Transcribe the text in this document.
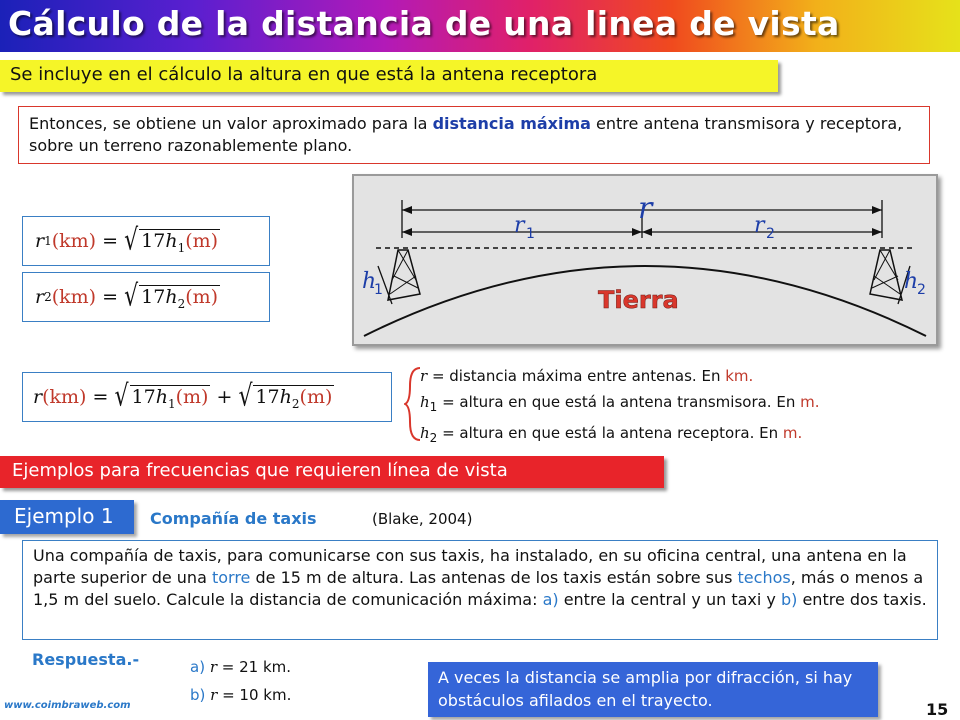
Cálculo de la distancia de una linea de vista
Se incluye en el cálculo la altura en que está la antena receptora
Entonces, se obtiene un valor aproximado para la distancia máxima entre antena transmisora y receptora, sobre un terreno razonablemente plano.
r 1 (km)
=
√ $17h_1(m)$
r 2 (km)
=
√ $17h_2(m)$
r (km)
=
√ $17h_1(m)$
+
√ $17h_2(m)$
r
r 1	r 2
h
1	h
2
Tierra
r = distancia máxima entre antenas. En km.
$h_1$ = altura en que está la antena transmisora. En m.
$h_2$ = altura en que está la antena receptora. En m.
Ejemplos para frecuencias que requieren línea de vista
Ejemplo 1	Compañía de taxis	(Blake, 2004)
Una compañía de taxis, para comunicarse con sus taxis, ha instalado, en su oficina central, una antena en la parte superior de una torre de 15 m de altura. Las antenas de los taxis están sobre sus techos, más o menos a 1,5 m del suelo. Calcule la distancia de comunicación máxima: a) entre la central y un taxi y b) entre dos taxis.
Respuesta.-	a) r = 21 km.
b) r = 10 km.
A veces la distancia se amplia por difracción, si hay obstáculos afilados en el trayecto.
www.coimbraweb.com	15
